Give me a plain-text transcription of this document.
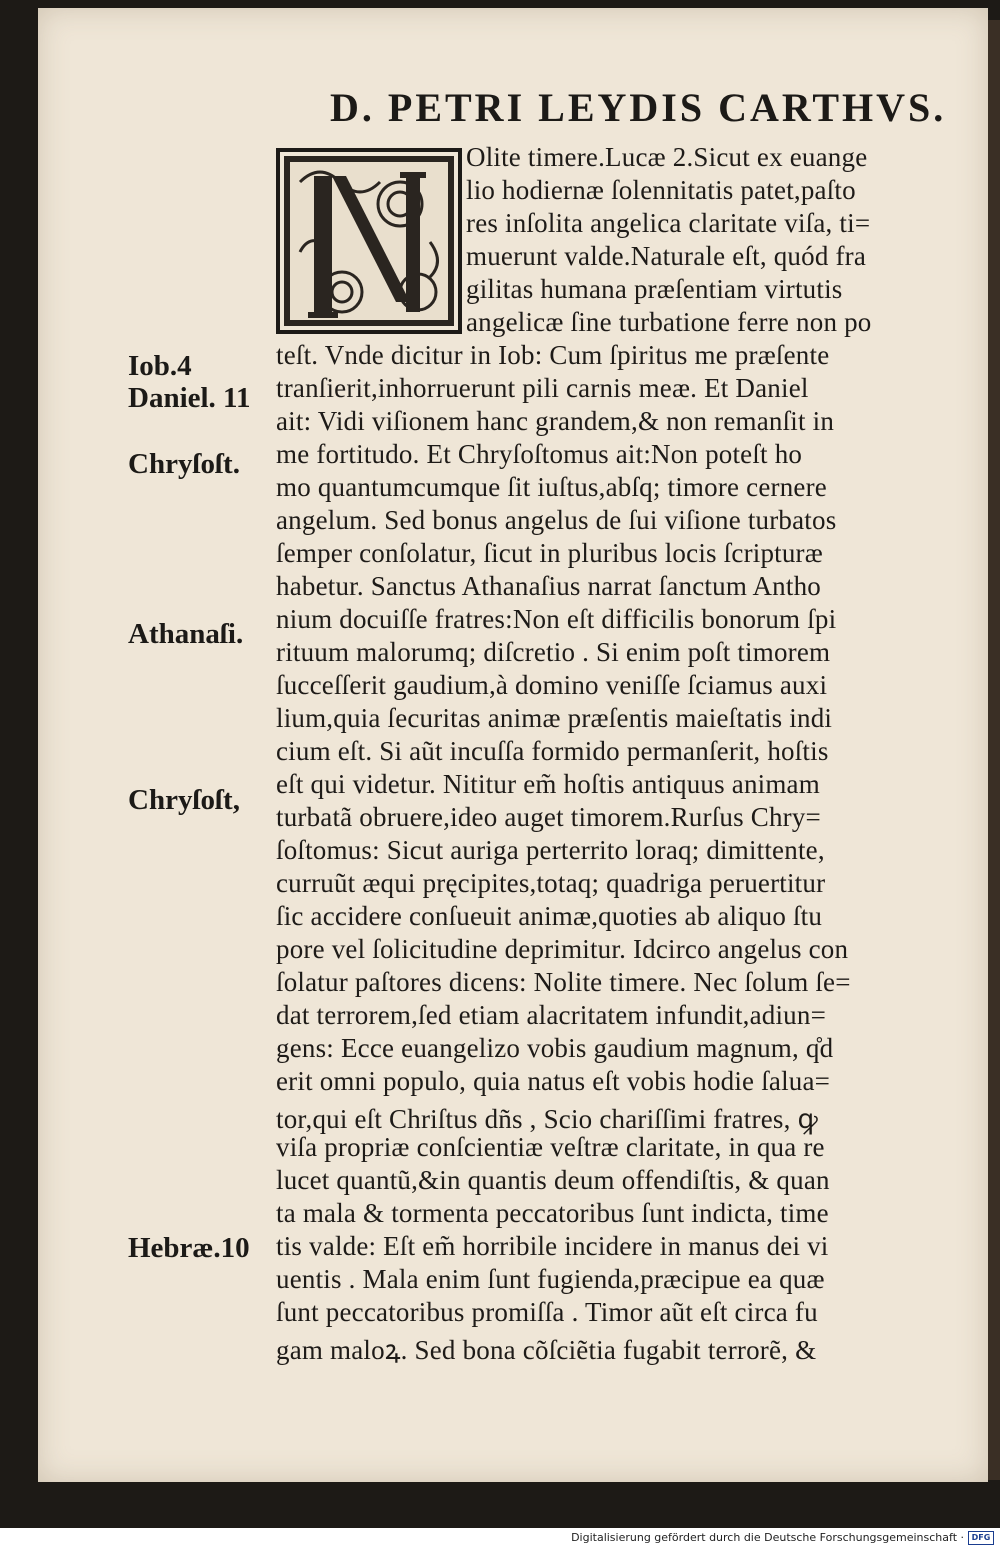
D. PETRI LEYDIS CARTHVS.
Iob.4
Daniel. 11
Chryſoſt.
Athanaſi.
Chryſoſt,
Hebræ.10
Olite timere.Lucæ 2.Sicut ex euange
lio hodiernæ ſolennitatis patet,paſto
res inſolita angelica claritate viſa, ti=
muerunt valde.Naturale eſt, quód fra
gilitas humana præſentiam virtutis
angelicæ ſine turbatione ferre non po
teſt. Vnde dicitur in Iob: Cum ſpiritus me præſente
tranſierit,inhorruerunt pili carnis meæ. Et Daniel
ait: Vidi viſionem hanc grandem,& non remanſit in
me fortitudo. Et Chryſoſtomus ait:Non poteſt ho
mo quantumcumque ſit iuſtus,abſq; timore cernere
angelum. Sed bonus angelus de ſui viſione turbatos
ſemper conſolatur, ſicut in pluribus locis ſcripturæ
habetur. Sanctus Athanaſius narrat ſanctum Antho
nium docuiſſe fratres:Non eſt difficilis bonorum ſpi
rituum malorumq; diſcretio . Si enim poſt timorem
ſucceſſerit gaudium,à domino veniſſe ſciamus auxi
lium,quia ſecuritas animæ præſentis maieſtatis indi
cium eſt. Si aũt incuſſa formido permanſerit, hoſtis
eſt qui videtur. Nititur em̃ hoſtis antiquus animam
turbatã obruere,ideo auget timorem.Rurſus Chry=
ſoſtomus: Sicut auriga perterrito loraq; dimittente,
curruũt æqui pręcipites,totaq; quadriga peruertitur
ſic accidere conſueuit animæ,quoties ab aliquo ſtu
pore vel ſolicitudine deprimitur. Idcirco angelus con
ſolatur paſtores dicens: Nolite timere. Nec ſolum ſe=
dat terrorem,ſed etiam alacritatem infundit,adiun=
gens: Ecce euangelizo vobis gaudium magnum, q̊d
erit omni populo, quia natus eſt vobis hodie ſalua=
tor,qui eſt Chriſtus dñs , Scio chariſſimi fratres, ꝙ
viſa propriæ conſcientiæ veſtræ claritate, in qua re
lucet quantũ,&in quantis deum offendiſtis, & quan
ta mala & tormenta peccatoribus ſunt indicta, time
tis valde: Eſt em̃ horribile incidere in manus dei vi
uentis . Mala enim ſunt fugienda,præcipue ea quæ
ſunt peccatoribus promiſſa . Timor aũt eſt circa fu
gam maloꝝ. Sed bona cõſciẽtia fugabit terrorẽ, &
Digitalisierung gefördert durch die Deutsche Forschungsgemeinschaft · DFG
